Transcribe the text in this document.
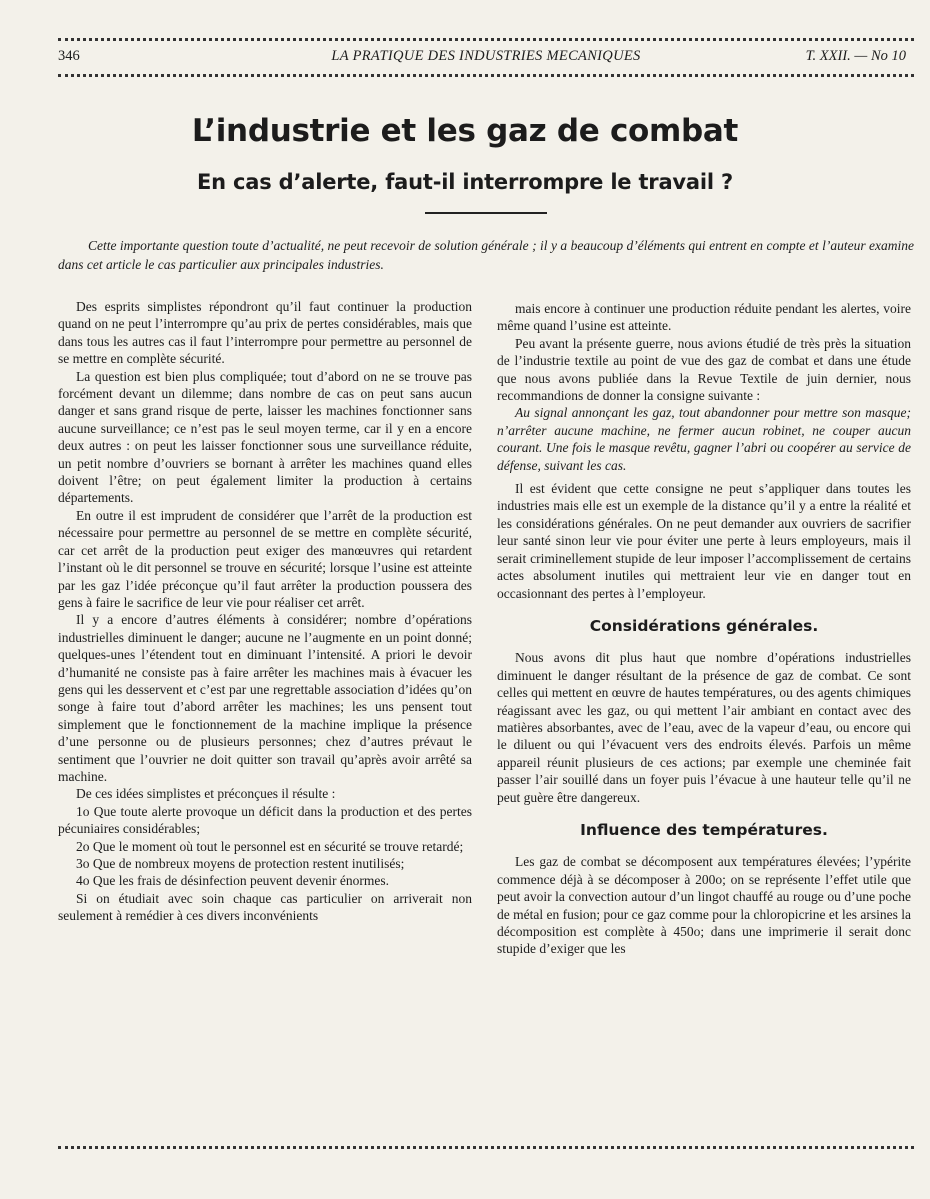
346	LA PRATIQUE DES INDUSTRIES MECANIQUES	T. XXII. — No 10
L’industrie et les gaz de combat
En cas d’alerte, faut-il interrompre le travail ?

Cette importante question toute d’actualité, ne peut recevoir de solution générale ; il y a beaucoup d’éléments qui entrent en compte et l’auteur examine dans cet article le cas particulier aux principales industries.

Des esprits simplistes répondront qu’il faut continuer la production quand on ne peut l’interrompre qu’au prix de pertes considérables, mais que dans tous les autres cas il faut l’interrompre pour permettre au personnel de se mettre en complète sécurité.

La question est bien plus compliquée; tout d’abord on ne se trouve pas forcément devant un dilemme; dans nombre de cas on peut sans aucun danger et sans grand risque de perte, laisser les machines fonctionner sans aucune surveillance; ce n’est pas le seul moyen terme, car il y en a encore deux autres : on peut les laisser fonctionner sous une surveillance réduite, un petit nombre d’ouvriers se bornant à arrêter les machines quand elles doivent l’être; on peut également limiter la production à certains départements.

En outre il est imprudent de considérer que l’arrêt de la production est nécessaire pour permettre au personnel de se mettre en complète sécurité, car cet arrêt de la production peut exiger des manœuvres qui retardent l’instant où le dit personnel se trouve en sécurité; lorsque l’usine est atteinte par les gaz l’idée préconçue qu’il faut arrêter la production poussera des gens à faire le sacrifice de leur vie pour réaliser cet arrêt.

Il y a encore d’autres éléments à considérer; nombre d’opérations industrielles diminuent le danger; aucune ne l’augmente en un point donné; quelques-unes l’étendent tout en diminuant l’intensité. A priori le devoir d’humanité ne consiste pas à faire arrêter les machines mais à évacuer les gens qui les desservent et c’est par une regrettable association d’idées qu’on songe à faire tout d’abord arrêter les machines; les uns pensent tout simplement que le fonctionnement de la machine implique la présence d’une personne ou de plusieurs personnes; chez d’autres prévaut le sentiment que l’ouvrier ne doit quitter son travail qu’après avoir arrêté sa machine.

De ces idées simplistes et préconçues il résulte :

1o Que toute alerte provoque un déficit dans la production et des pertes pécuniaires considérables;

2o Que le moment où tout le personnel est en sécurité se trouve retardé;

3o Que de nombreux moyens de protection restent inutilisés;

4o Que les frais de désinfection peuvent devenir énormes.

Si on étudiait avec soin chaque cas particulier on arriverait non seulement à remédier à ces divers inconvénients

mais encore à continuer une production réduite pendant les alertes, voire même quand l’usine est atteinte.

Peu avant la présente guerre, nous avions étudié de très près la situation de l’industrie textile au point de vue des gaz de combat et dans une étude que nous avons publiée dans la Revue Textile de juin dernier, nous recommandions de donner la consigne suivante :

Au signal annonçant les gaz, tout abandonner pour mettre son masque; n’arrêter aucune machine, ne fermer aucun robinet, ne couper aucun courant. Une fois le masque revêtu, gagner l’abri ou coopérer au service de défense, suivant les cas.

Il est évident que cette consigne ne peut s’appliquer dans toutes les industries mais elle est un exemple de la distance qu’il y a entre la réalité et les considérations générales. On ne peut demander aux ouvriers de sacrifier leur santé sinon leur vie pour éviter une perte à leurs employeurs, mais il serait criminellement stupide de leur imposer l’accomplissement de certains actes absolument inutiles qui mettraient leur vie en danger tout en occasionnant des pertes à l’employeur.

Considérations générales.

Nous avons dit plus haut que nombre d’opérations industrielles diminuent le danger résultant de la présence de gaz de combat. Ce sont celles qui mettent en œuvre de hautes températures, ou des agents chimiques réagissant avec les gaz, ou qui mettent l’air ambiant en contact avec des matières absorbantes, avec de l’eau, avec de la vapeur d’eau, ou encore qui le diluent ou qui l’évacuent vers des endroits élevés. Parfois un même appareil réunit plusieurs de ces actions; par exemple une cheminée fait passer l’air souillé dans un foyer puis l’évacue à une hauteur telle qu’il ne peut guère être dangereux.

Influence des températures.

Les gaz de combat se décomposent aux températures élevées; l’ypérite commence déjà à se décomposer à 200o; on se représente l’effet utile que peut avoir la convection autour d’un lingot chauffé au rouge ou d’une poche de métal en fusion; pour ce gaz comme pour la chloropicrine et les arsines la décomposition est complète à 450o; dans une imprimerie il serait donc stupide d’exiger que les
